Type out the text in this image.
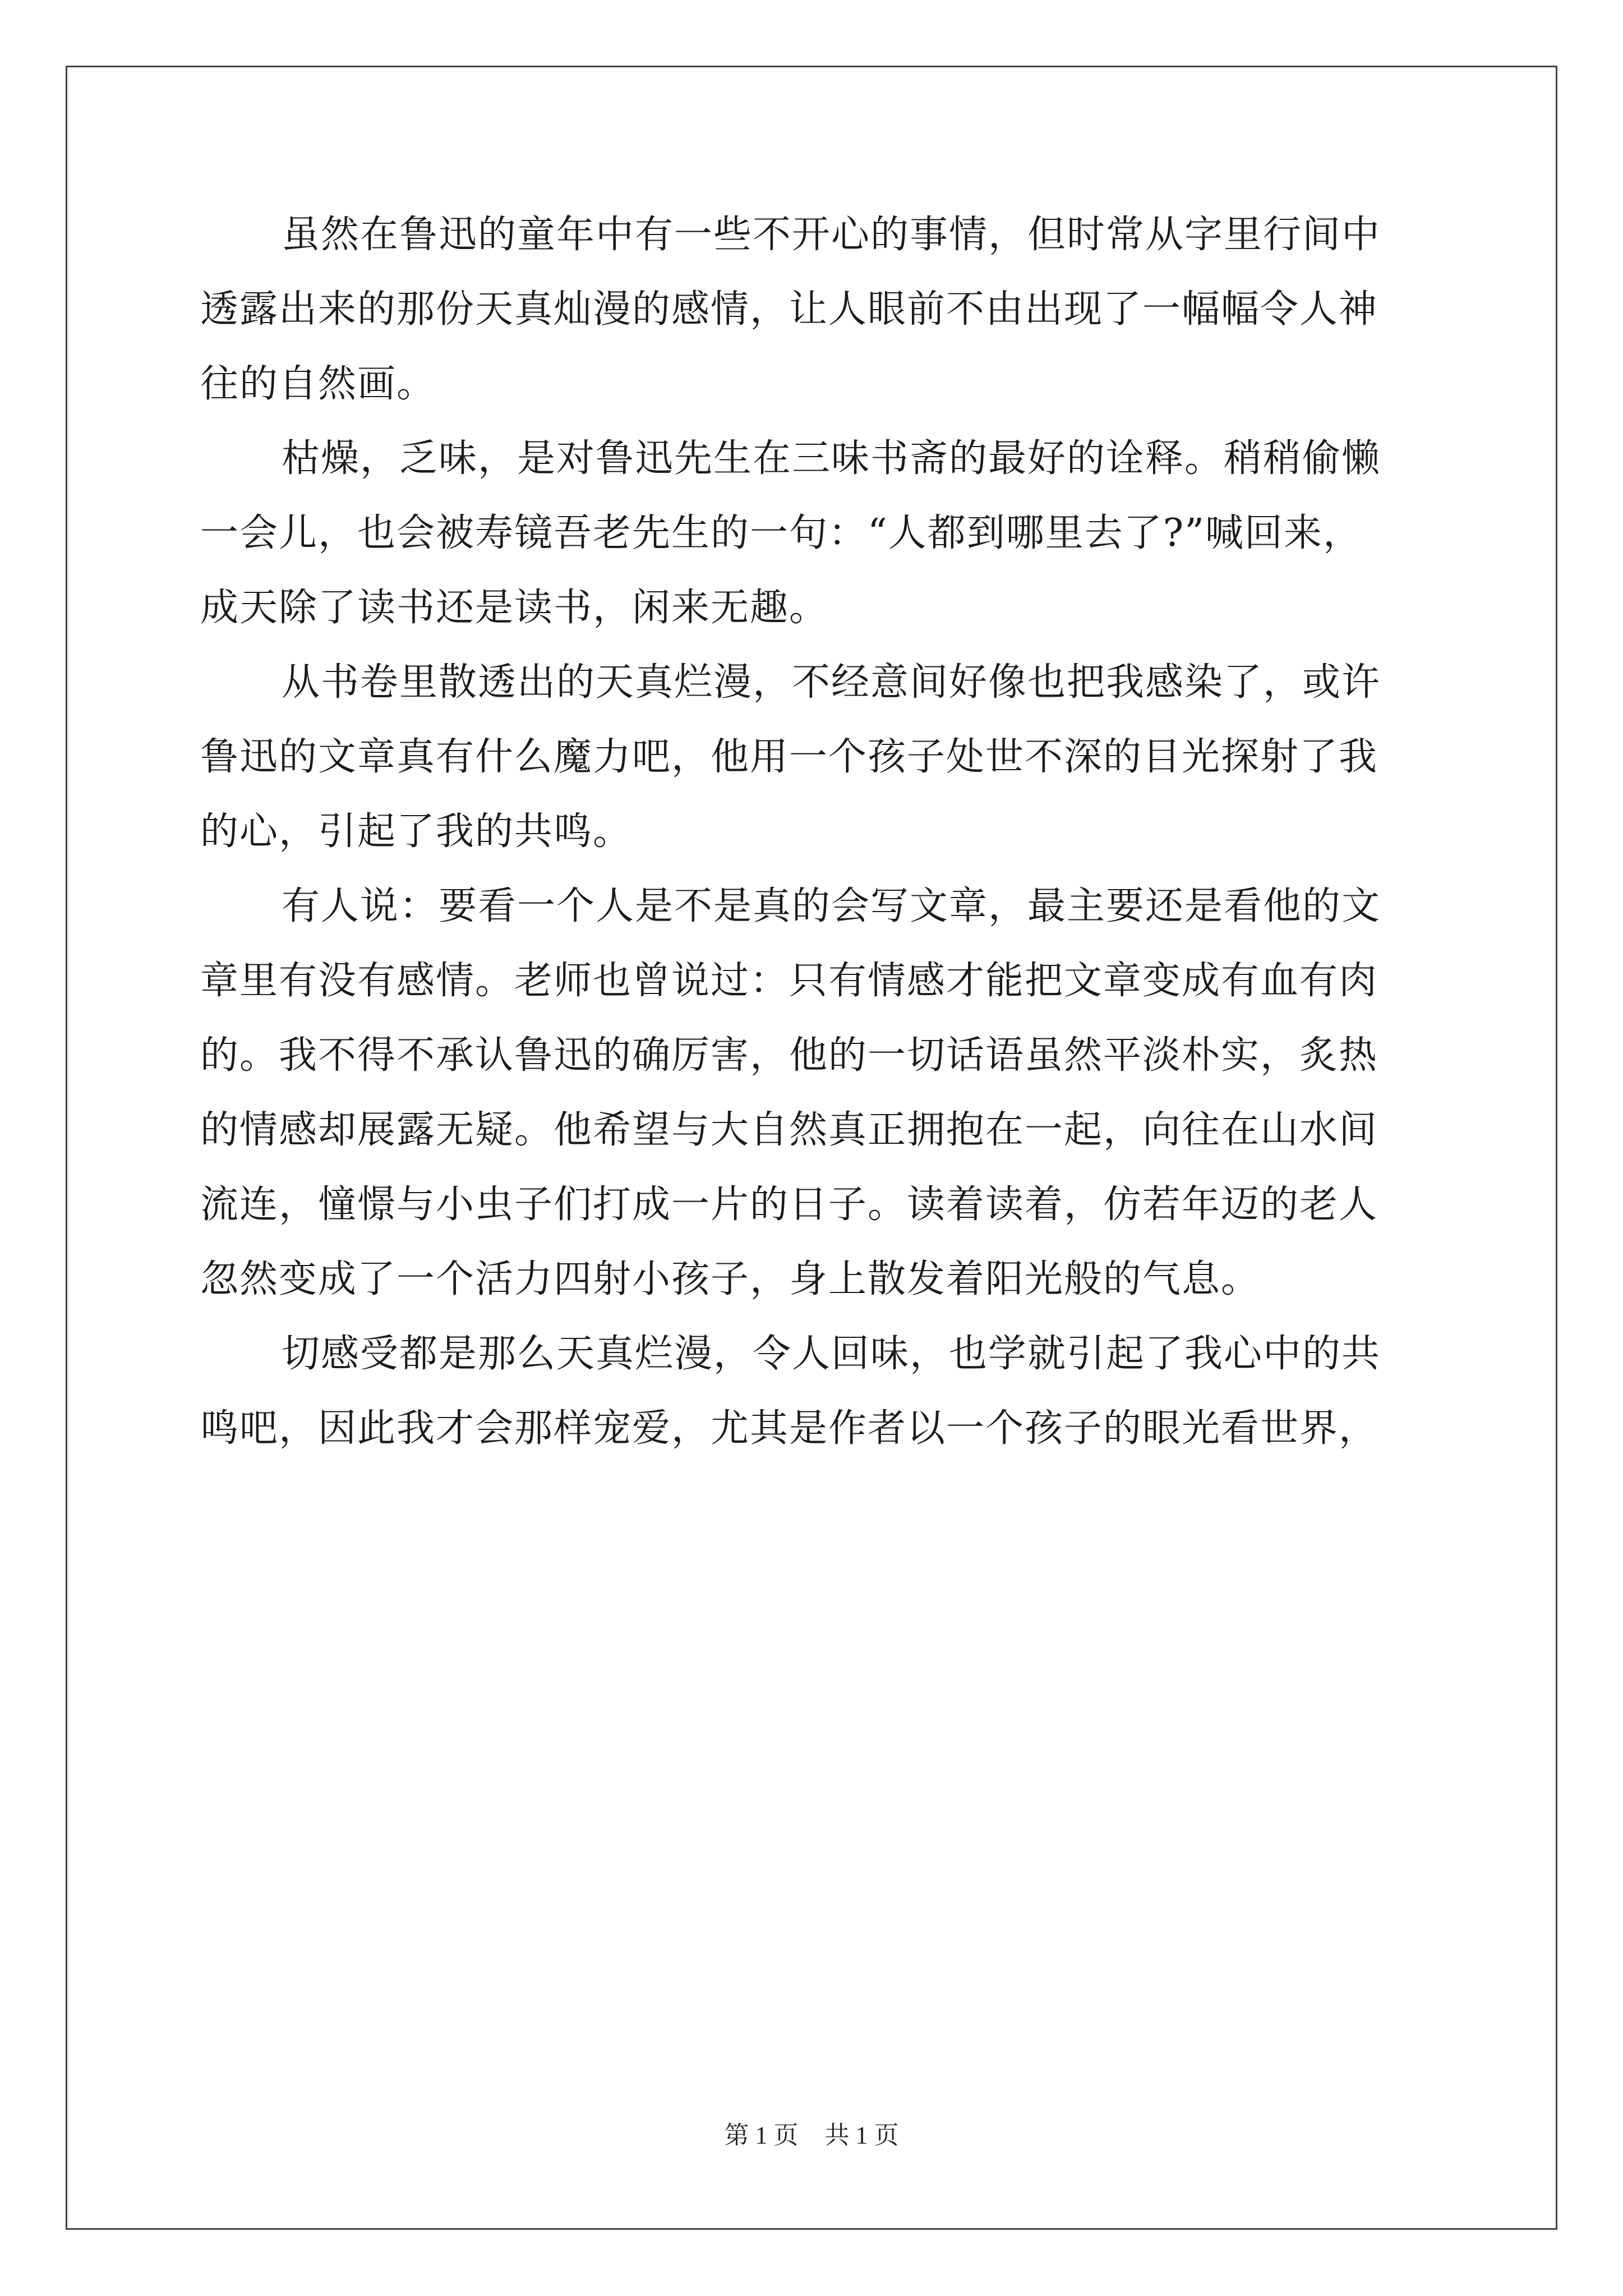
虽然在鲁迅的童年中有一些不开心的事情，但时常从字里行间中
透露出来的那份天真灿漫的感情，让人眼前不由出现了一幅幅令人神
往的自然画。
枯燥，乏味，是对鲁迅先生在三味书斋的最好的诠释。稍稍偷懒
一会儿，也会被寿镜吾老先生的一句：“人都到哪里去了?”喊回来，
成天除了读书还是读书，闲来无趣。
从书卷里散透出的天真烂漫，不经意间好像也把我感染了，或许
鲁迅的文章真有什么魔力吧，他用一个孩子处世不深的目光探射了我
的心，引起了我的共鸣。
有人说：要看一个人是不是真的会写文章，最主要还是看他的文
章里有没有感情。老师也曾说过：只有情感才能把文章变成有血有肉
的。我不得不承认鲁迅的确厉害，他的一切话语虽然平淡朴实，炙热
的情感却展露无疑。他希望与大自然真正拥抱在一起，向往在山水间
流连，憧憬与小虫子们打成一片的日子。读着读着，仿若年迈的老人
忽然变成了一个活力四射小孩子，身上散发着阳光般的气息。
切感受都是那么天真烂漫，令人回味，也学就引起了我心中的共
鸣吧，因此我才会那样宠爱，尤其是作者以一个孩子的眼光看世界，
第 1 页 共 1 页
